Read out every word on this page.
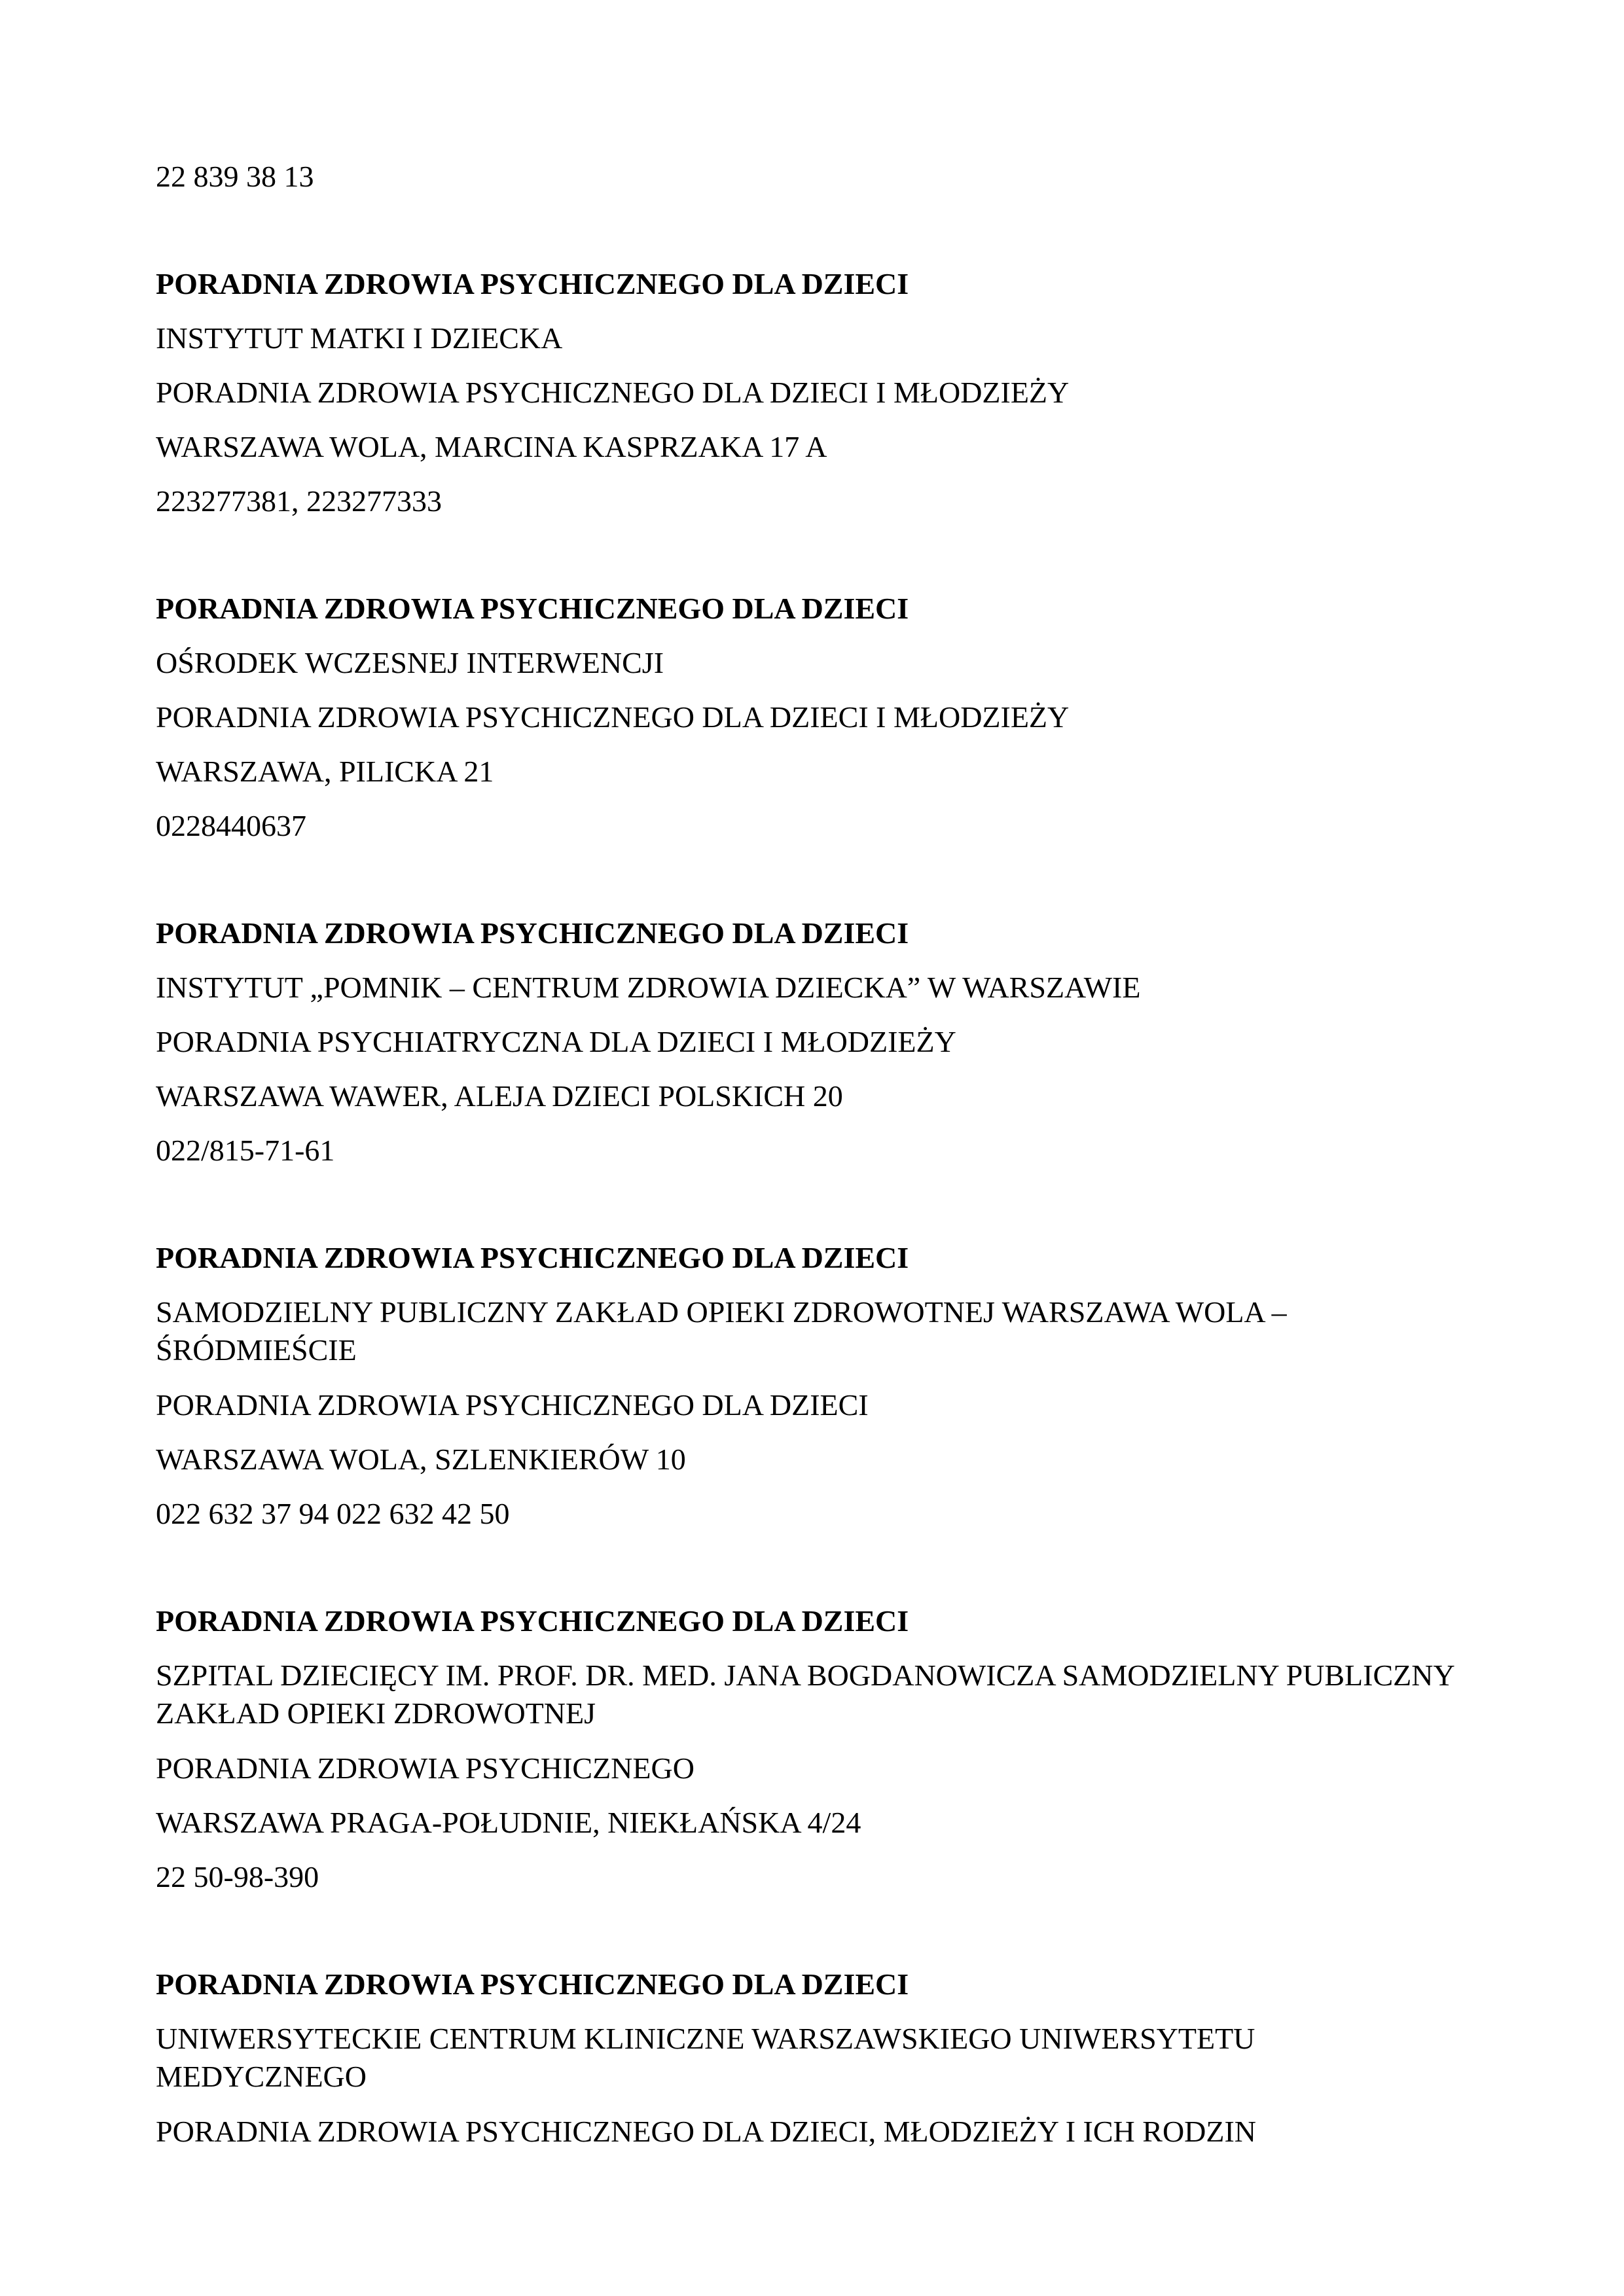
22 839 38 13

PORADNIA ZDROWIA PSYCHICZNEGO DLA DZIECI

INSTYTUT MATKI I DZIECKA

PORADNIA ZDROWIA PSYCHICZNEGO DLA DZIECI I MŁODZIEŻY

WARSZAWA WOLA, MARCINA KASPRZAKA 17 A

223277381, 223277333

PORADNIA ZDROWIA PSYCHICZNEGO DLA DZIECI

OŚRODEK WCZESNEJ INTERWENCJI

PORADNIA ZDROWIA PSYCHICZNEGO DLA DZIECI I MŁODZIEŻY

WARSZAWA, PILICKA 21

0228440637

PORADNIA ZDROWIA PSYCHICZNEGO DLA DZIECI

INSTYTUT „POMNIK – CENTRUM ZDROWIA DZIECKA” W WARSZAWIE

PORADNIA PSYCHIATRYCZNA DLA DZIECI I MŁODZIEŻY

WARSZAWA WAWER, ALEJA DZIECI POLSKICH 20

022/815-71-61

PORADNIA ZDROWIA PSYCHICZNEGO DLA DZIECI

SAMODZIELNY PUBLICZNY ZAKŁAD OPIEKI ZDROWOTNEJ WARSZAWA WOLA – ŚRÓDMIEŚCIE

PORADNIA ZDROWIA PSYCHICZNEGO DLA DZIECI

WARSZAWA WOLA, SZLENKIERÓW 10

022 632 37 94 022 632 42 50

PORADNIA ZDROWIA PSYCHICZNEGO DLA DZIECI

SZPITAL DZIECIĘCY IM. PROF. DR. MED. JANA BOGDANOWICZA SAMODZIELNY PUBLICZNY ZAKŁAD OPIEKI ZDROWOTNEJ

PORADNIA ZDROWIA PSYCHICZNEGO

WARSZAWA PRAGA-POŁUDNIE, NIEKŁAŃSKA 4/24

22 50-98-390

PORADNIA ZDROWIA PSYCHICZNEGO DLA DZIECI

UNIWERSYTECKIE CENTRUM KLINICZNE WARSZAWSKIEGO UNIWERSYTETU MEDYCZNEGO

PORADNIA ZDROWIA PSYCHICZNEGO DLA DZIECI, MŁODZIEŻY I ICH RODZIN
